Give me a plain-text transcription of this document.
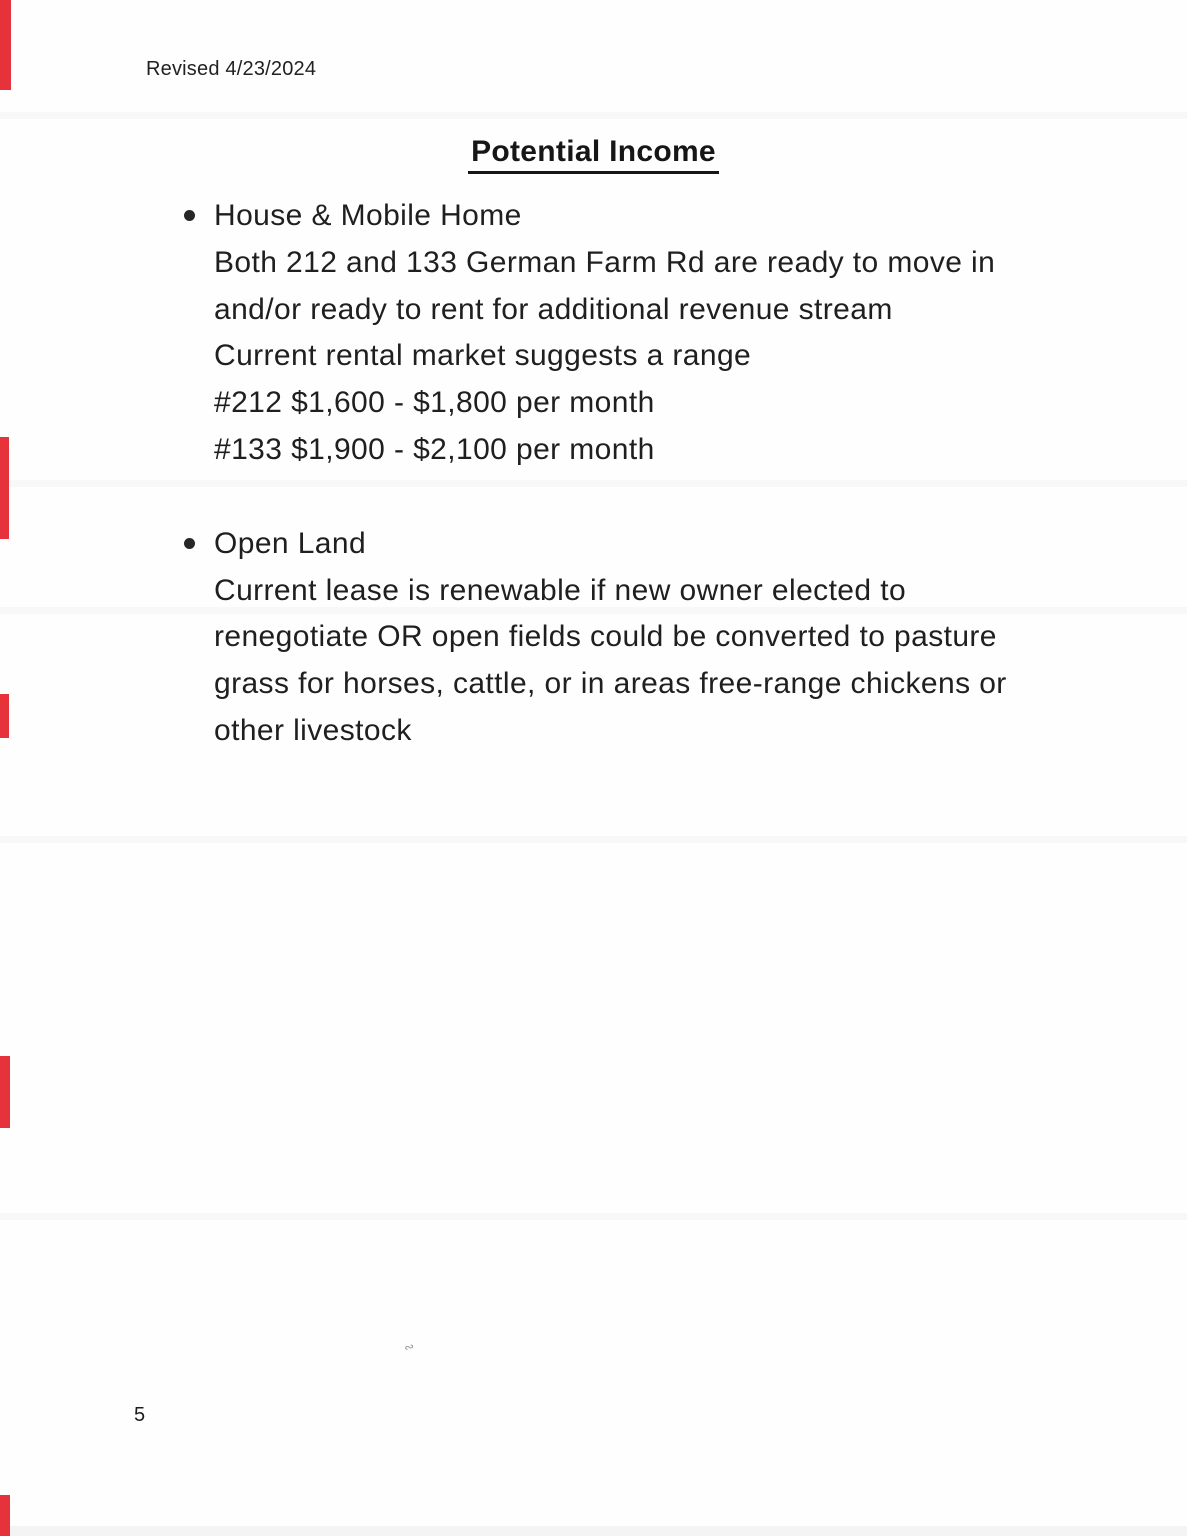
Revised 4/23/2024
Potential Income
House & Mobile Home
Both 212 and 133 German Farm Rd are ready to move in
and/or ready to rent for additional revenue stream
Current rental market suggests a range
#212 $1,600 - $1,800 per month
#133 $1,900 - $2,100 per month
Open Land
Current lease is renewable if new owner elected to
renegotiate OR open fields could be converted to pasture
grass for horses, cattle, or in areas free-range chickens or
other livestock
∾
5
